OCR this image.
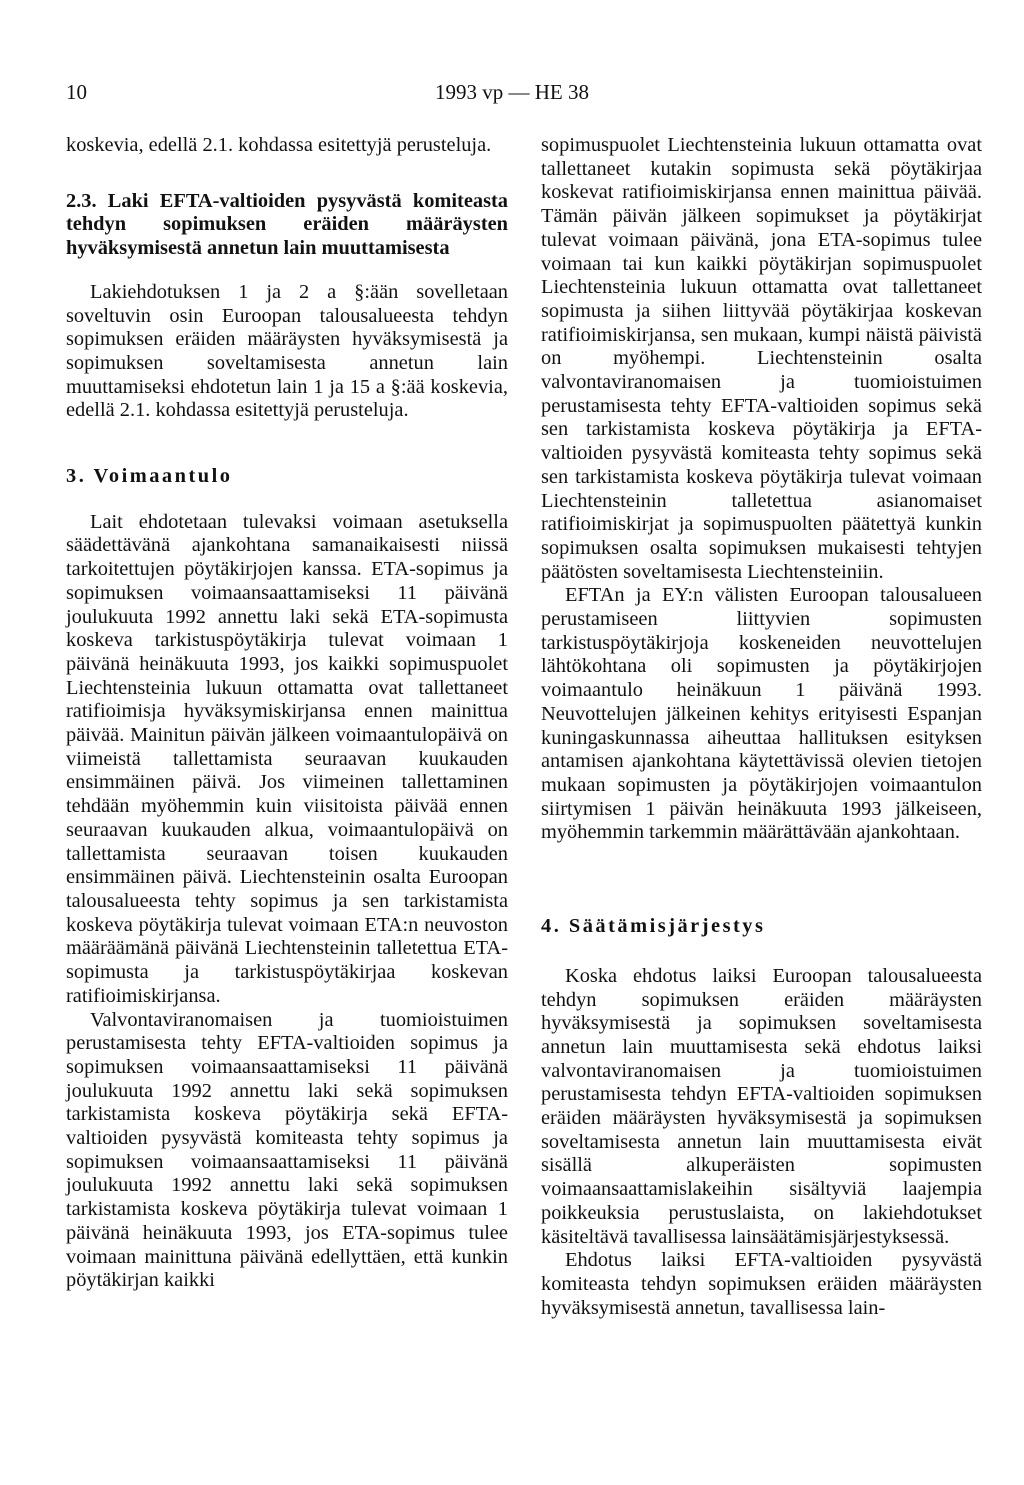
10	1993 vp — HE 38

koskevia, edellä 2.1. kohdassa esitettyjä perusteluja.

2.3. Laki EFTA-valtioiden pysyvästä komiteasta tehdyn sopimuksen eräiden määräysten hyväksymisestä annetun lain muuttamisesta

Lakiehdotuksen 1 ja 2 a §:ään sovelletaan soveltuvin osin Euroopan talousalueesta tehdyn sopimuksen eräiden määräysten hyväksymisestä ja sopimuksen soveltamisesta annetun lain muuttamiseksi ehdotetun lain 1 ja 15 a §:ää koskevia, edellä 2.1. kohdassa esitettyjä perusteluja.

3. Voimaantulo

Lait ehdotetaan tulevaksi voimaan asetuksella säädettävänä ajankohtana samanaikaisesti niissä tarkoitettujen pöytäkirjojen kanssa. ETA-sopimus ja sopimuksen voimaansaattamiseksi 11 päivänä joulukuuta 1992 annettu laki sekä ETA-sopimusta koskeva tarkistuspöytäkirja tulevat voimaan 1 päivänä heinäkuuta 1993, jos kaikki sopimuspuolet Liechtensteinia lukuun ottamatta ovat tallettaneet ratifioimisja hyväksymiskirjansa ennen mainittua päivää. Mainitun päivän jälkeen voimaantulopäivä on viimeistä tallettamista seuraavan kuukauden ensimmäinen päivä. Jos viimeinen tallettaminen tehdään myöhemmin kuin viisitoista päivää ennen seuraavan kuukauden alkua, voimaantulopäivä on tallettamista seuraavan toisen kuukauden ensimmäinen päivä. Liechtensteinin osalta Euroopan talousalueesta tehty sopimus ja sen tarkistamista koskeva pöytäkirja tulevat voimaan ETA:n neuvoston määräämänä päivänä Liechtensteinin talletettua ETA-sopimusta ja tarkistuspöytäkirjaa koskevan ratifioimiskirjansa.

Valvontaviranomaisen ja tuomioistuimen perustamisesta tehty EFTA-valtioiden sopimus ja sopimuksen voimaansaattamiseksi 11 päivänä joulukuuta 1992 annettu laki sekä sopimuksen tarkistamista koskeva pöytäkirja sekä EFTA-valtioiden pysyvästä komiteasta tehty sopimus ja sopimuksen voimaansaattamiseksi 11 päivänä joulukuuta 1992 annettu laki sekä sopimuksen tarkistamista koskeva pöytäkirja tulevat voimaan 1 päivänä heinäkuuta 1993, jos ETA-sopimus tulee voimaan mainittuna päivänä edellyttäen, että kunkin pöytäkirjan kaikki

sopimuspuolet Liechtensteinia lukuun ottamatta ovat tallettaneet kutakin sopimusta sekä pöytäkirjaa koskevat ratifioimiskirjansa ennen mainittua päivää. Tämän päivän jälkeen sopimukset ja pöytäkirjat tulevat voimaan päivänä, jona ETA-sopimus tulee voimaan tai kun kaikki pöytäkirjan sopimuspuolet Liechtensteinia lukuun ottamatta ovat tallettaneet sopimusta ja siihen liittyvää pöytäkirjaa koskevan ratifioimiskirjansa, sen mukaan, kumpi näistä päivistä on myöhempi. Liechtensteinin osalta valvontaviranomaisen ja tuomioistuimen perustamisesta tehty EFTA-valtioiden sopimus sekä sen tarkistamista koskeva pöytäkirja ja EFTA-valtioiden pysyvästä komiteasta tehty sopimus sekä sen tarkistamista koskeva pöytäkirja tulevat voimaan Liechtensteinin talletettua asianomaiset ratifioimiskirjat ja sopimuspuolten päätettyä kunkin sopimuksen osalta sopimuksen mukaisesti tehtyjen päätösten soveltamisesta Liechtensteiniin.

EFTAn ja EY:n välisten Euroopan talousalueen perustamiseen liittyvien sopimusten tarkistuspöytäkirjoja koskeneiden neuvottelujen lähtökohtana oli sopimusten ja pöytäkirjojen voimaantulo heinäkuun 1 päivänä 1993. Neuvottelujen jälkeinen kehitys erityisesti Espanjan kuningaskunnassa aiheuttaa hallituksen esityksen antamisen ajankohtana käytettävissä olevien tietojen mukaan sopimusten ja pöytäkirjojen voimaantulon siirtymisen 1 päivän heinäkuuta 1993 jälkeiseen, myöhemmin tarkemmin määrättävään ajankohtaan.

4. Säätämisjärjestys

Koska ehdotus laiksi Euroopan talousalueesta tehdyn sopimuksen eräiden määräysten hyväksymisestä ja sopimuksen soveltamisesta annetun lain muuttamisesta sekä ehdotus laiksi valvontaviranomaisen ja tuomioistuimen perustamisesta tehdyn EFTA-valtioiden sopimuksen eräiden määräysten hyväksymisestä ja sopimuksen soveltamisesta annetun lain muuttamisesta eivät sisällä alkuperäisten sopimusten voimaansaattamislakeihin sisältyviä laajempia poikkeuksia perustuslaista, on lakiehdotukset käsiteltävä tavallisessa lainsäätämisjärjestyksessä.

Ehdotus laiksi EFTA-valtioiden pysyvästä komiteasta tehdyn sopimuksen eräiden määräysten hyväksymisestä annetun, tavallisessa lain-
